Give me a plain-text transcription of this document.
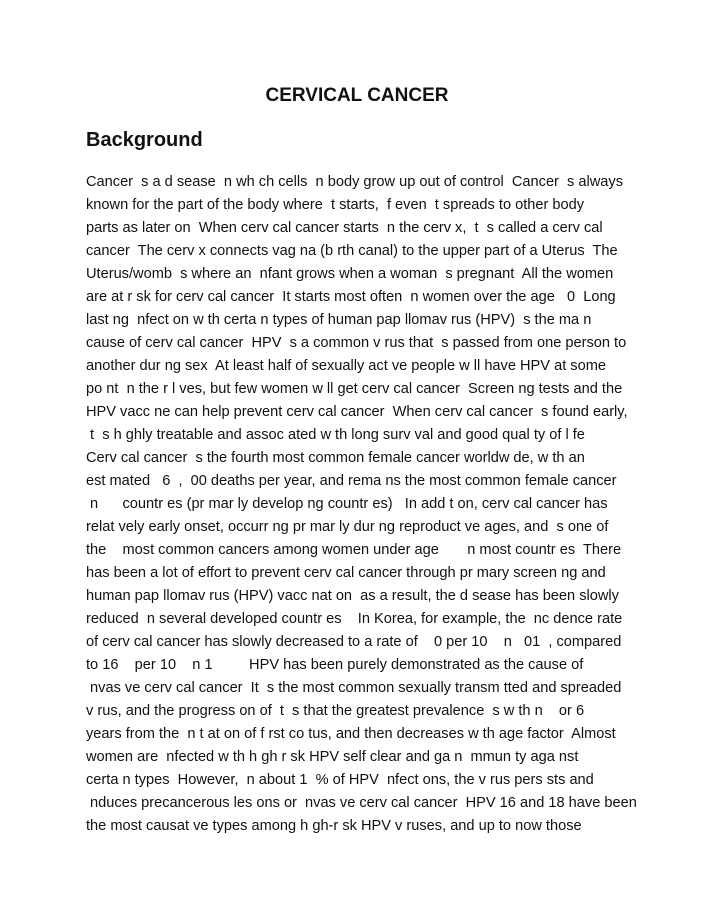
CERVICAL CANCER
Background
Cancer  s a d sease  n wh ch cells  n body grow up out of control  Cancer  s always
known for the part of the body where  t starts,  f even  t spreads to other body
parts as later on  When cerv cal cancer starts  n the cerv x,  t  s called a cerv cal
cancer  The cerv x connects vag na (b rth canal) to the upper part of a Uterus  The
Uterus/womb  s where an  nfant grows when a woman  s pregnant  All the women
are at r sk for cerv cal cancer  It starts most often  n women over the age   0  Long
last ng  nfect on w th certa n types of human pap llomav rus (HPV)  s the ma n
cause of cerv cal cancer  HPV  s a common v rus that  s passed from one person to
another dur ng sex  At least half of sexually act ve people w ll have HPV at some
po nt  n the r l ves, but few women w ll get cerv cal cancer  Screen ng tests and the
HPV vacc ne can help prevent cerv cal cancer  When cerv cal cancer  s found early,
t  s h ghly treatable and assoc ated w th long surv val and good qual ty of l fe
Cerv cal cancer  s the fourth most common female cancer worldw de, w th an
est mated   6  ,  00 deaths per year, and rema ns the most common female cancer
n      countr es (pr mar ly develop ng countr es)   In add t on, cerv cal cancer has
relat vely early onset, occurr ng pr mar ly dur ng reproduct ve ages, and  s one of
the    most common cancers among women under age       n most countr es  There
has been a lot of effort to prevent cerv cal cancer through pr mary screen ng and
human pap llomav rus (HPV) vacc nat on  as a result, the d sease has been slowly
reduced  n several developed countr es    In Korea, for example, the  nc dence rate
of cerv cal cancer has slowly decreased to a rate of    0 per 10    n   01  , compared
to 16    per 10    n 1         HPV has been purely demonstrated as the cause of
nvas ve cerv cal cancer  It  s the most common sexually transm tted and spreaded
v rus, and the progress on of  t  s that the greatest prevalence  s w th n    or 6
years from the  n t at on of f rst co tus, and then decreases w th age factor  Almost
women are  nfected w th h gh r sk HPV self clear and ga n  mmun ty aga nst
certa n types  However,  n about 1  % of HPV  nfect ons, the v rus pers sts and
nduces precancerous les ons or  nvas ve cerv cal cancer  HPV 16 and 18 have been
the most causat ve types among h gh-r sk HPV v ruses, and up to now those
